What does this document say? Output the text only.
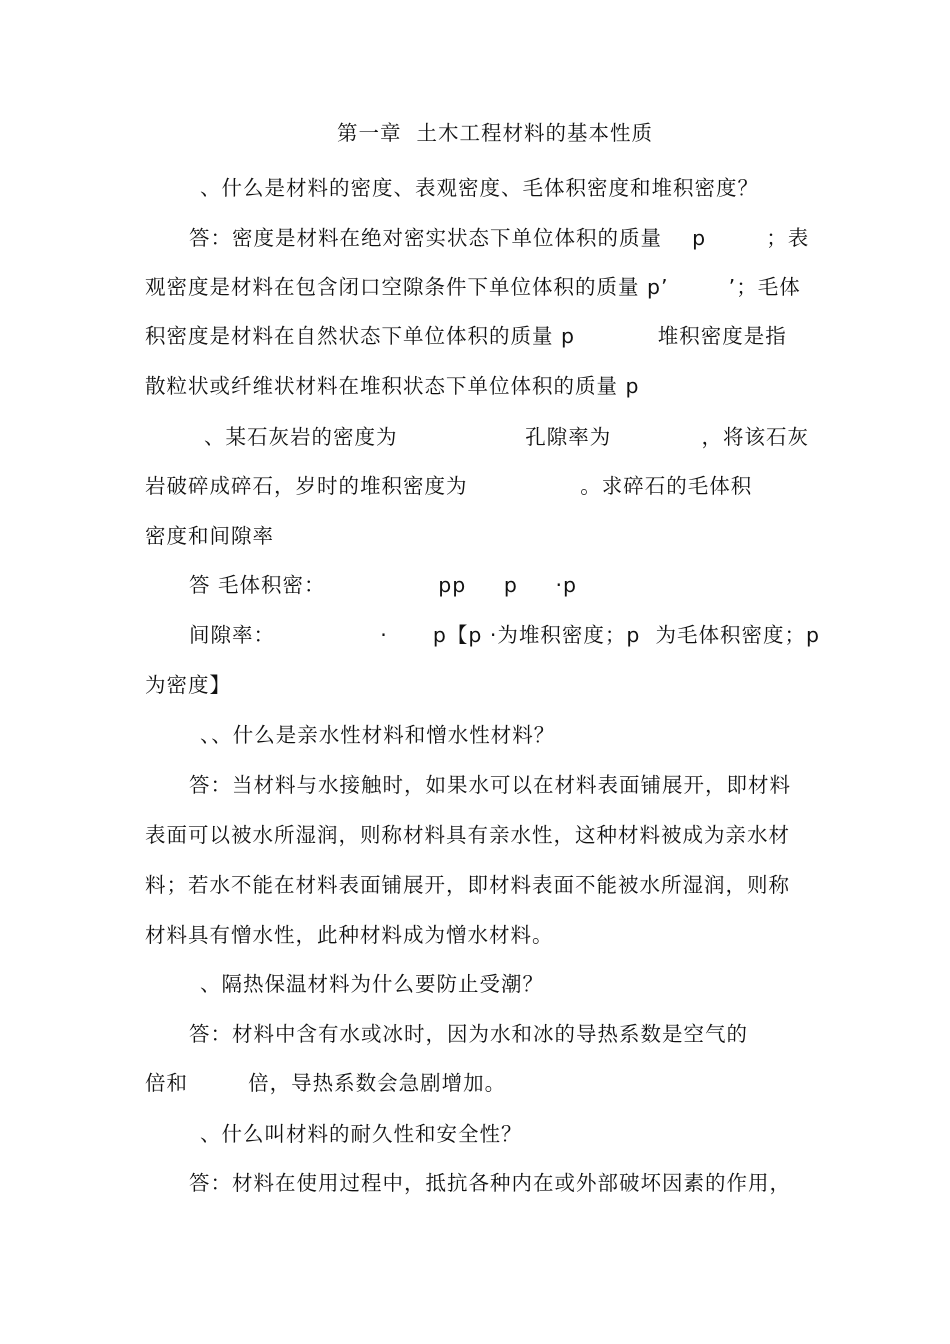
第一章  土木工程材料的基本性质
、什么是材料的密度、表观密度、毛体积密度和堆积密度？
答：密度是材料在绝对密实状态下单位体积的质量    p        ；表
观密度是材料在包含闭口空隙条件下单位体积的质量 p’        ’；毛体
积密度是材料在自然状态下单位体积的质量 p           堆积密度是指
散粒状或纤维状材料在堆积状态下单位体积的质量 p
、某石灰岩的密度为                 孔隙率为            ，将该石灰
岩破碎成碎石，岁时的堆积密度为               。求碎石的毛体积
密度和间隙率
答 毛体积密：               pp     p     ·p
间隙率：              ·      p【p ·为堆积密度；p  为毛体积密度；p
为密度】
、、什么是亲水性材料和憎水性材料？
答：当材料与水接触时，如果水可以在材料表面铺展开，即材料
表面可以被水所湿润，则称材料具有亲水性，这种材料被成为亲水材
料；若水不能在材料表面铺展开，即材料表面不能被水所湿润，则称
材料具有憎水性，此种材料成为憎水材料。
、隔热保温材料为什么要防止受潮？
答：材料中含有水或冰时，因为水和冰的导热系数是空气的
倍和        倍，导热系数会急剧增加。
、什么叫材料的耐久性和安全性？
答：材料在使用过程中，抵抗各种内在或外部破坏因素的作用，
